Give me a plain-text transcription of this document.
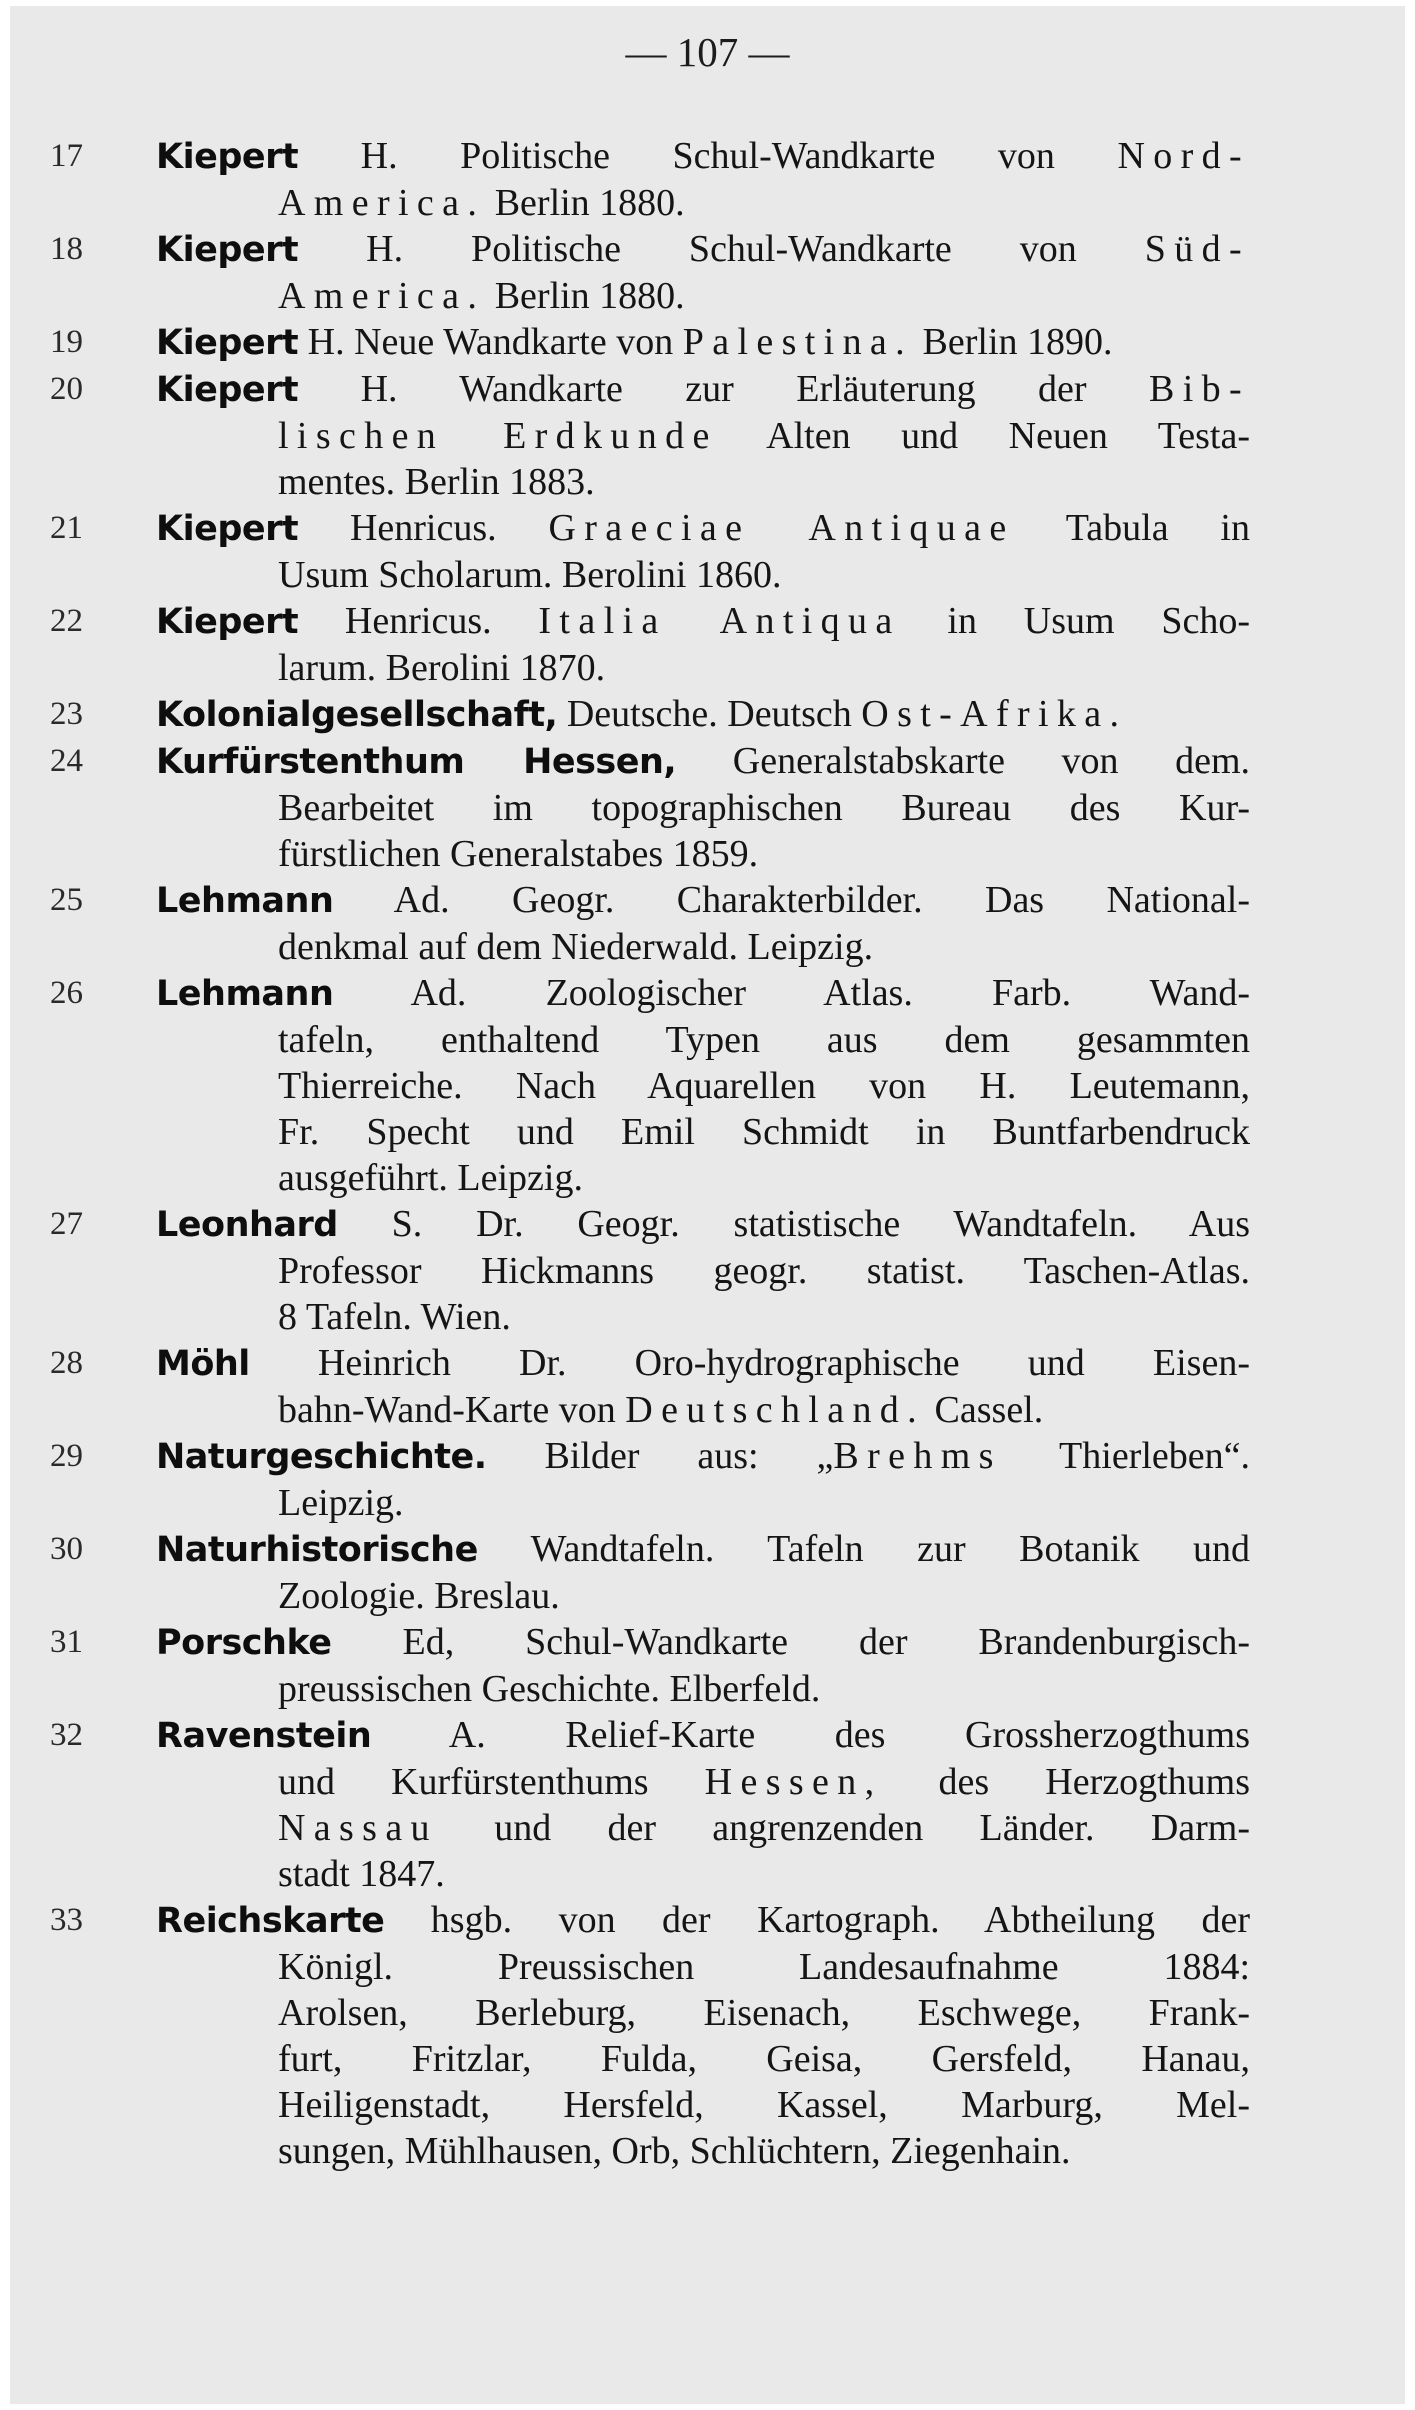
— 107 —
17	Kiepert H. Politische Schul-Wandkarte von Nord-
America. Berlin 1880.
18	Kiepert H. Politische Schul-Wandkarte von Süd-
America. Berlin 1880.
19	Kiepert H. Neue Wandkarte von Palestina. Berlin 1890.
20	Kiepert H. Wandkarte zur Erläuterung der Bib-
lischen Erdkunde Alten und Neuen Testa-
mentes. Berlin 1883.
21	Kiepert Henricus. Graeciae Antiquae Tabula in
Usum Scholarum. Berolini 1860.
22	Kiepert Henricus. Italia Antiqua in Usum Scho-
larum. Berolini 1870.
23	Kolonialgesellschaft, Deutsche. Deutsch Ost-Afrika.
24	Kurfürstenthum Hessen, Generalstabskarte von dem.
Bearbeitet im topographischen Bureau des Kur-
fürstlichen Generalstabes 1859.
25	Lehmann Ad. Geogr. Charakterbilder. Das National-
denkmal auf dem Niederwald. Leipzig.
26	Lehmann Ad. Zoologischer Atlas. Farb. Wand-
tafeln, enthaltend Typen aus dem gesammten
Thierreiche. Nach Aquarellen von H. Leutemann,
Fr. Specht und Emil Schmidt in Buntfarbendruck
ausgeführt. Leipzig.
27	Leonhard S. Dr. Geogr. statistische Wandtafeln. Aus
Professor Hickmanns geogr. statist. Taschen-Atlas.
8 Tafeln. Wien.
28	Möhl Heinrich Dr. Oro-hydrographische und Eisen-
bahn-Wand-Karte von Deutschland. Cassel.
29	Naturgeschichte. Bilder aus: „Brehms Thierleben“.
Leipzig.
30	Naturhistorische Wandtafeln. Tafeln zur Botanik und
Zoologie. Breslau.
31	Porschke Ed, Schul-Wandkarte der Brandenburgisch-
preussischen Geschichte. Elberfeld.
32	Ravenstein A. Relief-Karte des Grossherzogthums
und Kurfürstenthums Hessen, des Herzogthums
Nassau und der angrenzenden Länder. Darm-
stadt 1847.
33	Reichskarte hsgb. von der Kartograph. Abtheilung der
Königl. Preussischen Landesaufnahme 1884:
Arolsen, Berleburg, Eisenach, Eschwege, Frank-
furt, Fritzlar, Fulda, Geisa, Gersfeld, Hanau,
Heiligenstadt, Hersfeld, Kassel, Marburg, Mel-
sungen, Mühlhausen, Orb, Schlüchtern, Ziegenhain.
